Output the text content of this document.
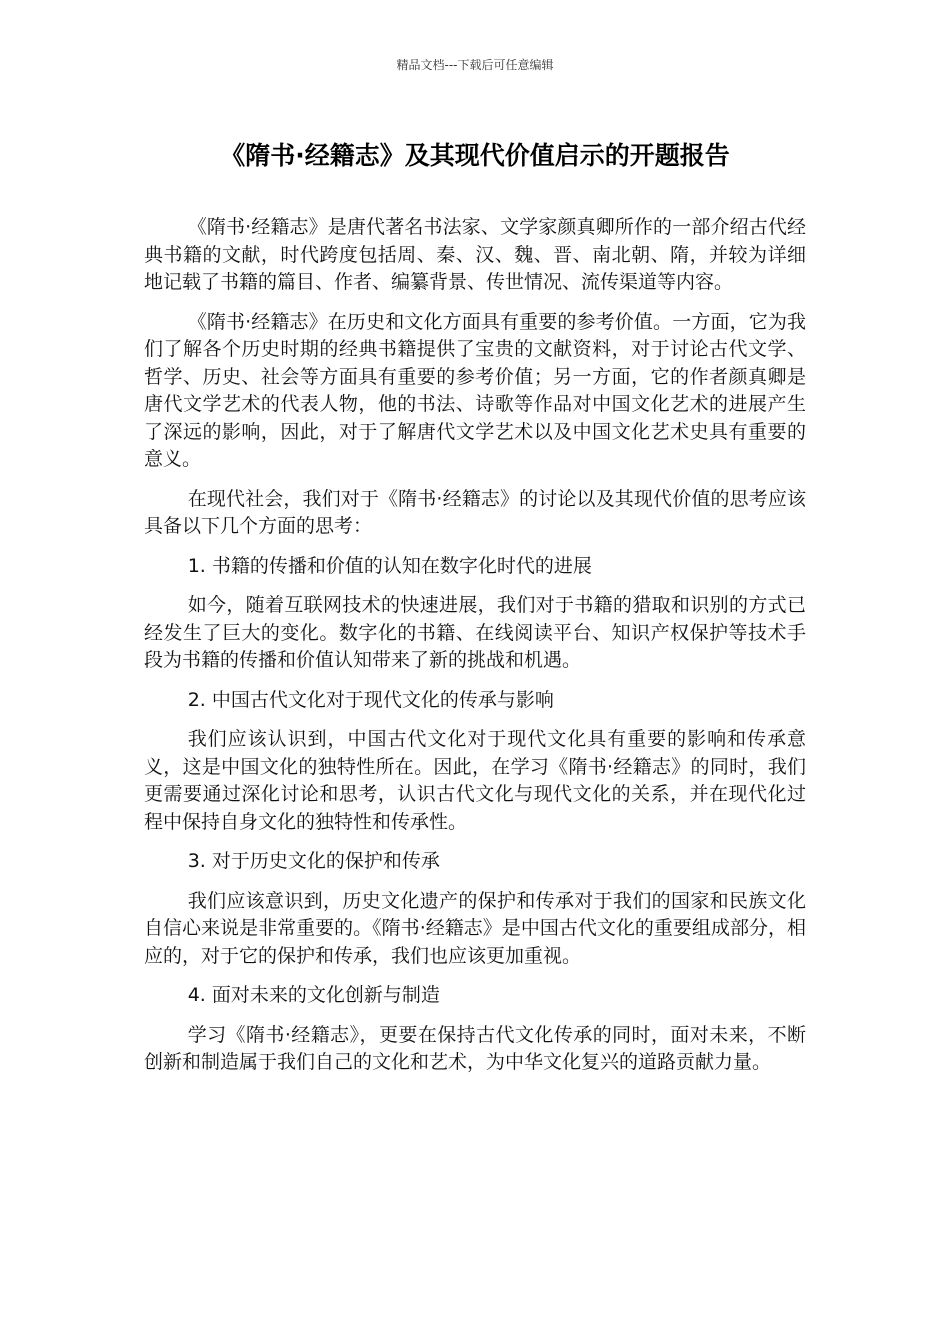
精品文档---下载后可任意编辑
《隋书·经籍志》及其现代价值启示的开题报告

《隋书·经籍志》是唐代著名书法家、文学家颜真卿所作的一部介绍古代经典书籍的文献，时代跨度包括周、秦、汉、魏、晋、南北朝、隋，并较为详细地记载了书籍的篇目、作者、编纂背景、传世情况、流传渠道等内容。

《隋书·经籍志》在历史和文化方面具有重要的参考价值。一方面，它为我们了解各个历史时期的经典书籍提供了宝贵的文献资料，对于讨论古代文学、哲学、历史、社会等方面具有重要的参考价值；另一方面，它的作者颜真卿是唐代文学艺术的代表人物，他的书法、诗歌等作品对中国文化艺术的进展产生了深远的影响，因此，对于了解唐代文学艺术以及中国文化艺术史具有重要的意义。

在现代社会，我们对于《隋书·经籍志》的讨论以及其现代价值的思考应该具备以下几个方面的思考：

1. 书籍的传播和价值的认知在数字化时代的进展

如今，随着互联网技术的快速进展，我们对于书籍的猎取和识别的方式已经发生了巨大的变化。数字化的书籍、在线阅读平台、知识产权保护等技术手段为书籍的传播和价值认知带来了新的挑战和机遇。

2. 中国古代文化对于现代文化的传承与影响

我们应该认识到，中国古代文化对于现代文化具有重要的影响和传承意义，这是中国文化的独特性所在。因此，在学习《隋书·经籍志》的同时，我们更需要通过深化讨论和思考，认识古代文化与现代文化的关系，并在现代化过程中保持自身文化的独特性和传承性。

3. 对于历史文化的保护和传承

我们应该意识到，历史文化遗产的保护和传承对于我们的国家和民族文化自信心来说是非常重要的。《隋书·经籍志》是中国古代文化的重要组成部分，相应的，对于它的保护和传承，我们也应该更加重视。

4. 面对未来的文化创新与制造

学习《隋书·经籍志》，更要在保持古代文化传承的同时，面对未来，不断创新和制造属于我们自己的文化和艺术，为中华文化复兴的道路贡献力量。
